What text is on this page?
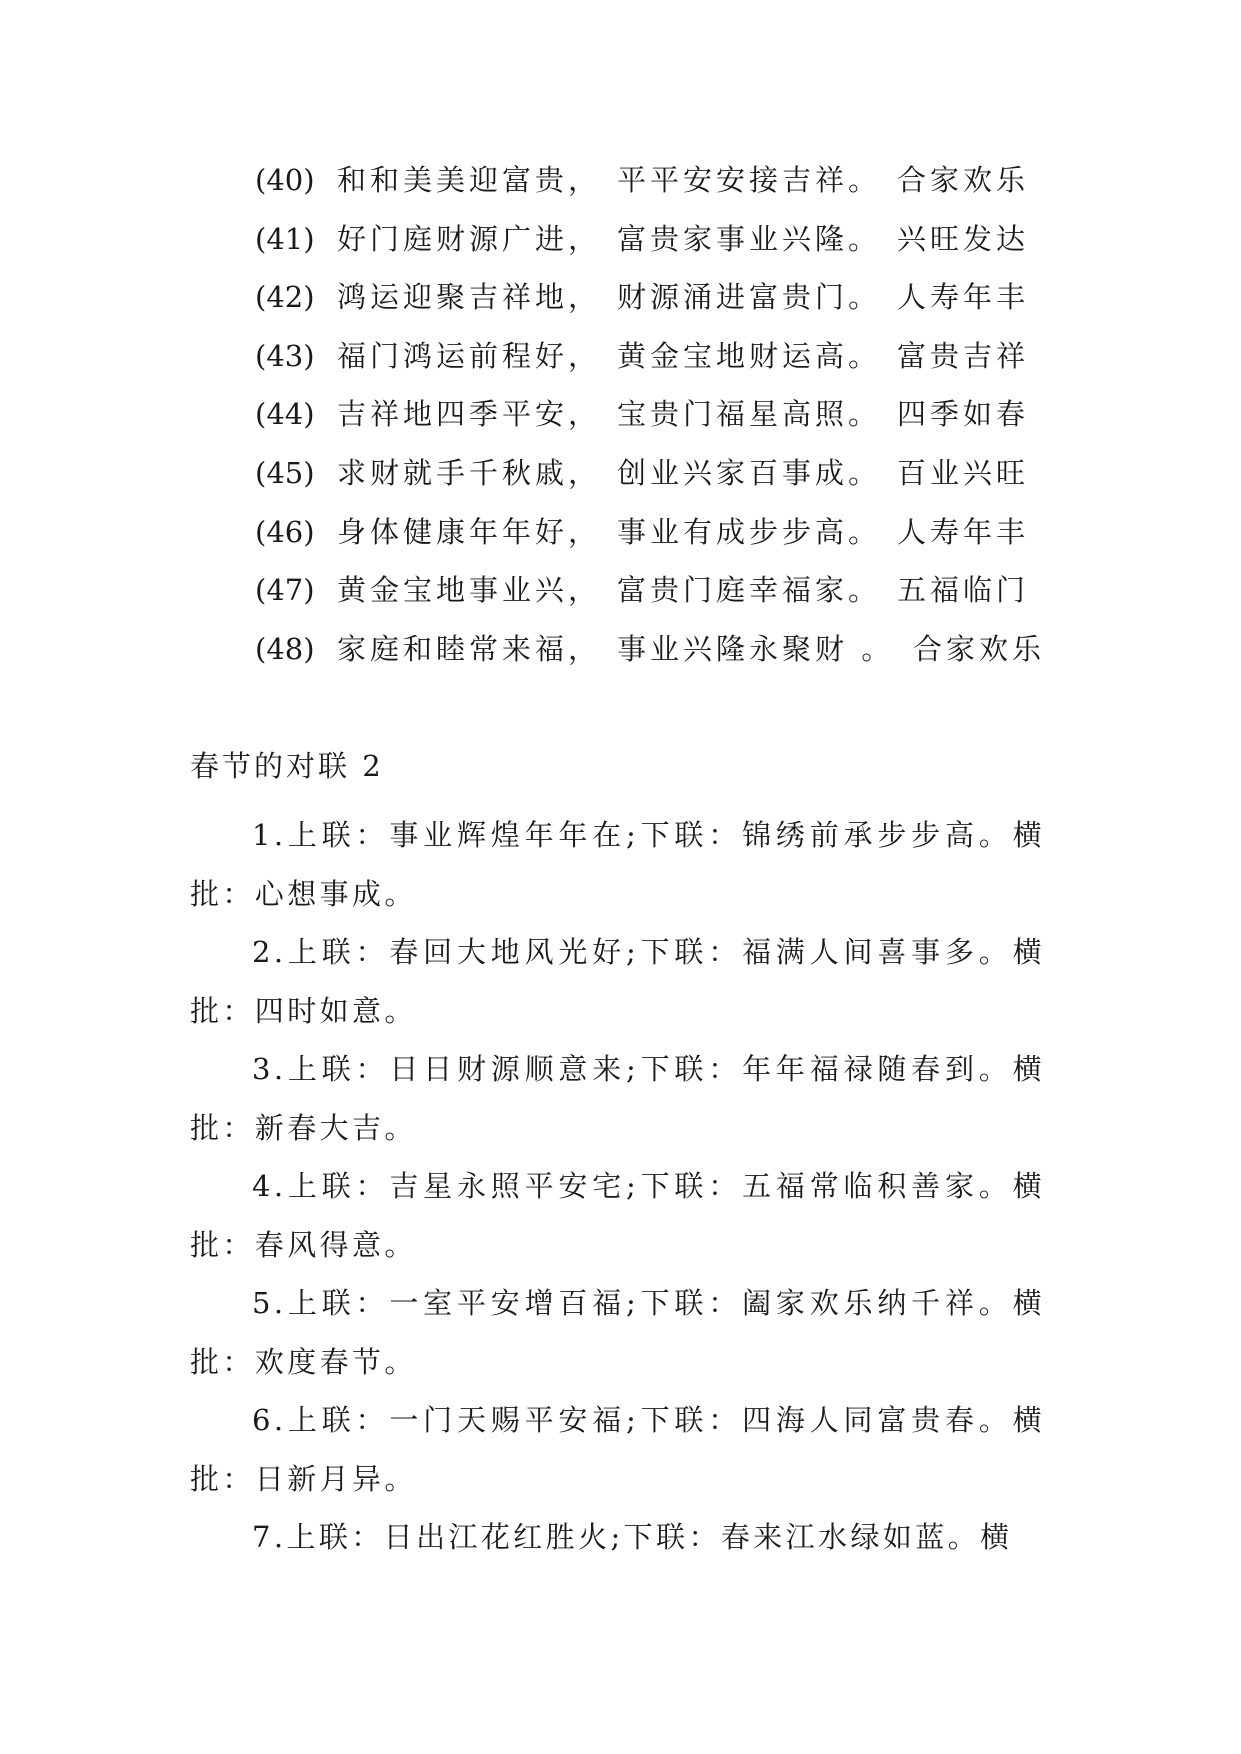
(40) 和和美美迎富贵， 平平安安接吉祥。 合家欢乐
(41) 好门庭财源广进， 富贵家事业兴隆。 兴旺发达
(42) 鸿运迎聚吉祥地， 财源涌进富贵门。 人寿年丰
(43) 福门鸿运前程好， 黄金宝地财运高。 富贵吉祥
(44) 吉祥地四季平安， 宝贵门福星高照。 四季如春
(45) 求财就手千秋戚， 创业兴家百事成。 百业兴旺
(46) 身体健康年年好， 事业有成步步高。 人寿年丰
(47) 黄金宝地事业兴， 富贵门庭幸福家。 五福临门
(48) 家庭和睦常来福， 事业兴隆永聚财 。 合家欢乐
春节的对联 2

1.上联：事业辉煌年年在;下联：锦绣前承步步高。横批：心想事成。

2.上联：春回大地风光好;下联：福满人间喜事多。横批：四时如意。

3.上联：日日财源顺意来;下联：年年福禄随春到。横批：新春大吉。

4.上联：吉星永照平安宅;下联：五福常临积善家。横批：春风得意。

5.上联：一室平安增百福;下联：阖家欢乐纳千祥。横批：欢度春节。

6.上联：一门天赐平安福;下联：四海人同富贵春。横批：日新月异。

7.上联：日出江花红胜火;下联：春来江水绿如蓝。横
